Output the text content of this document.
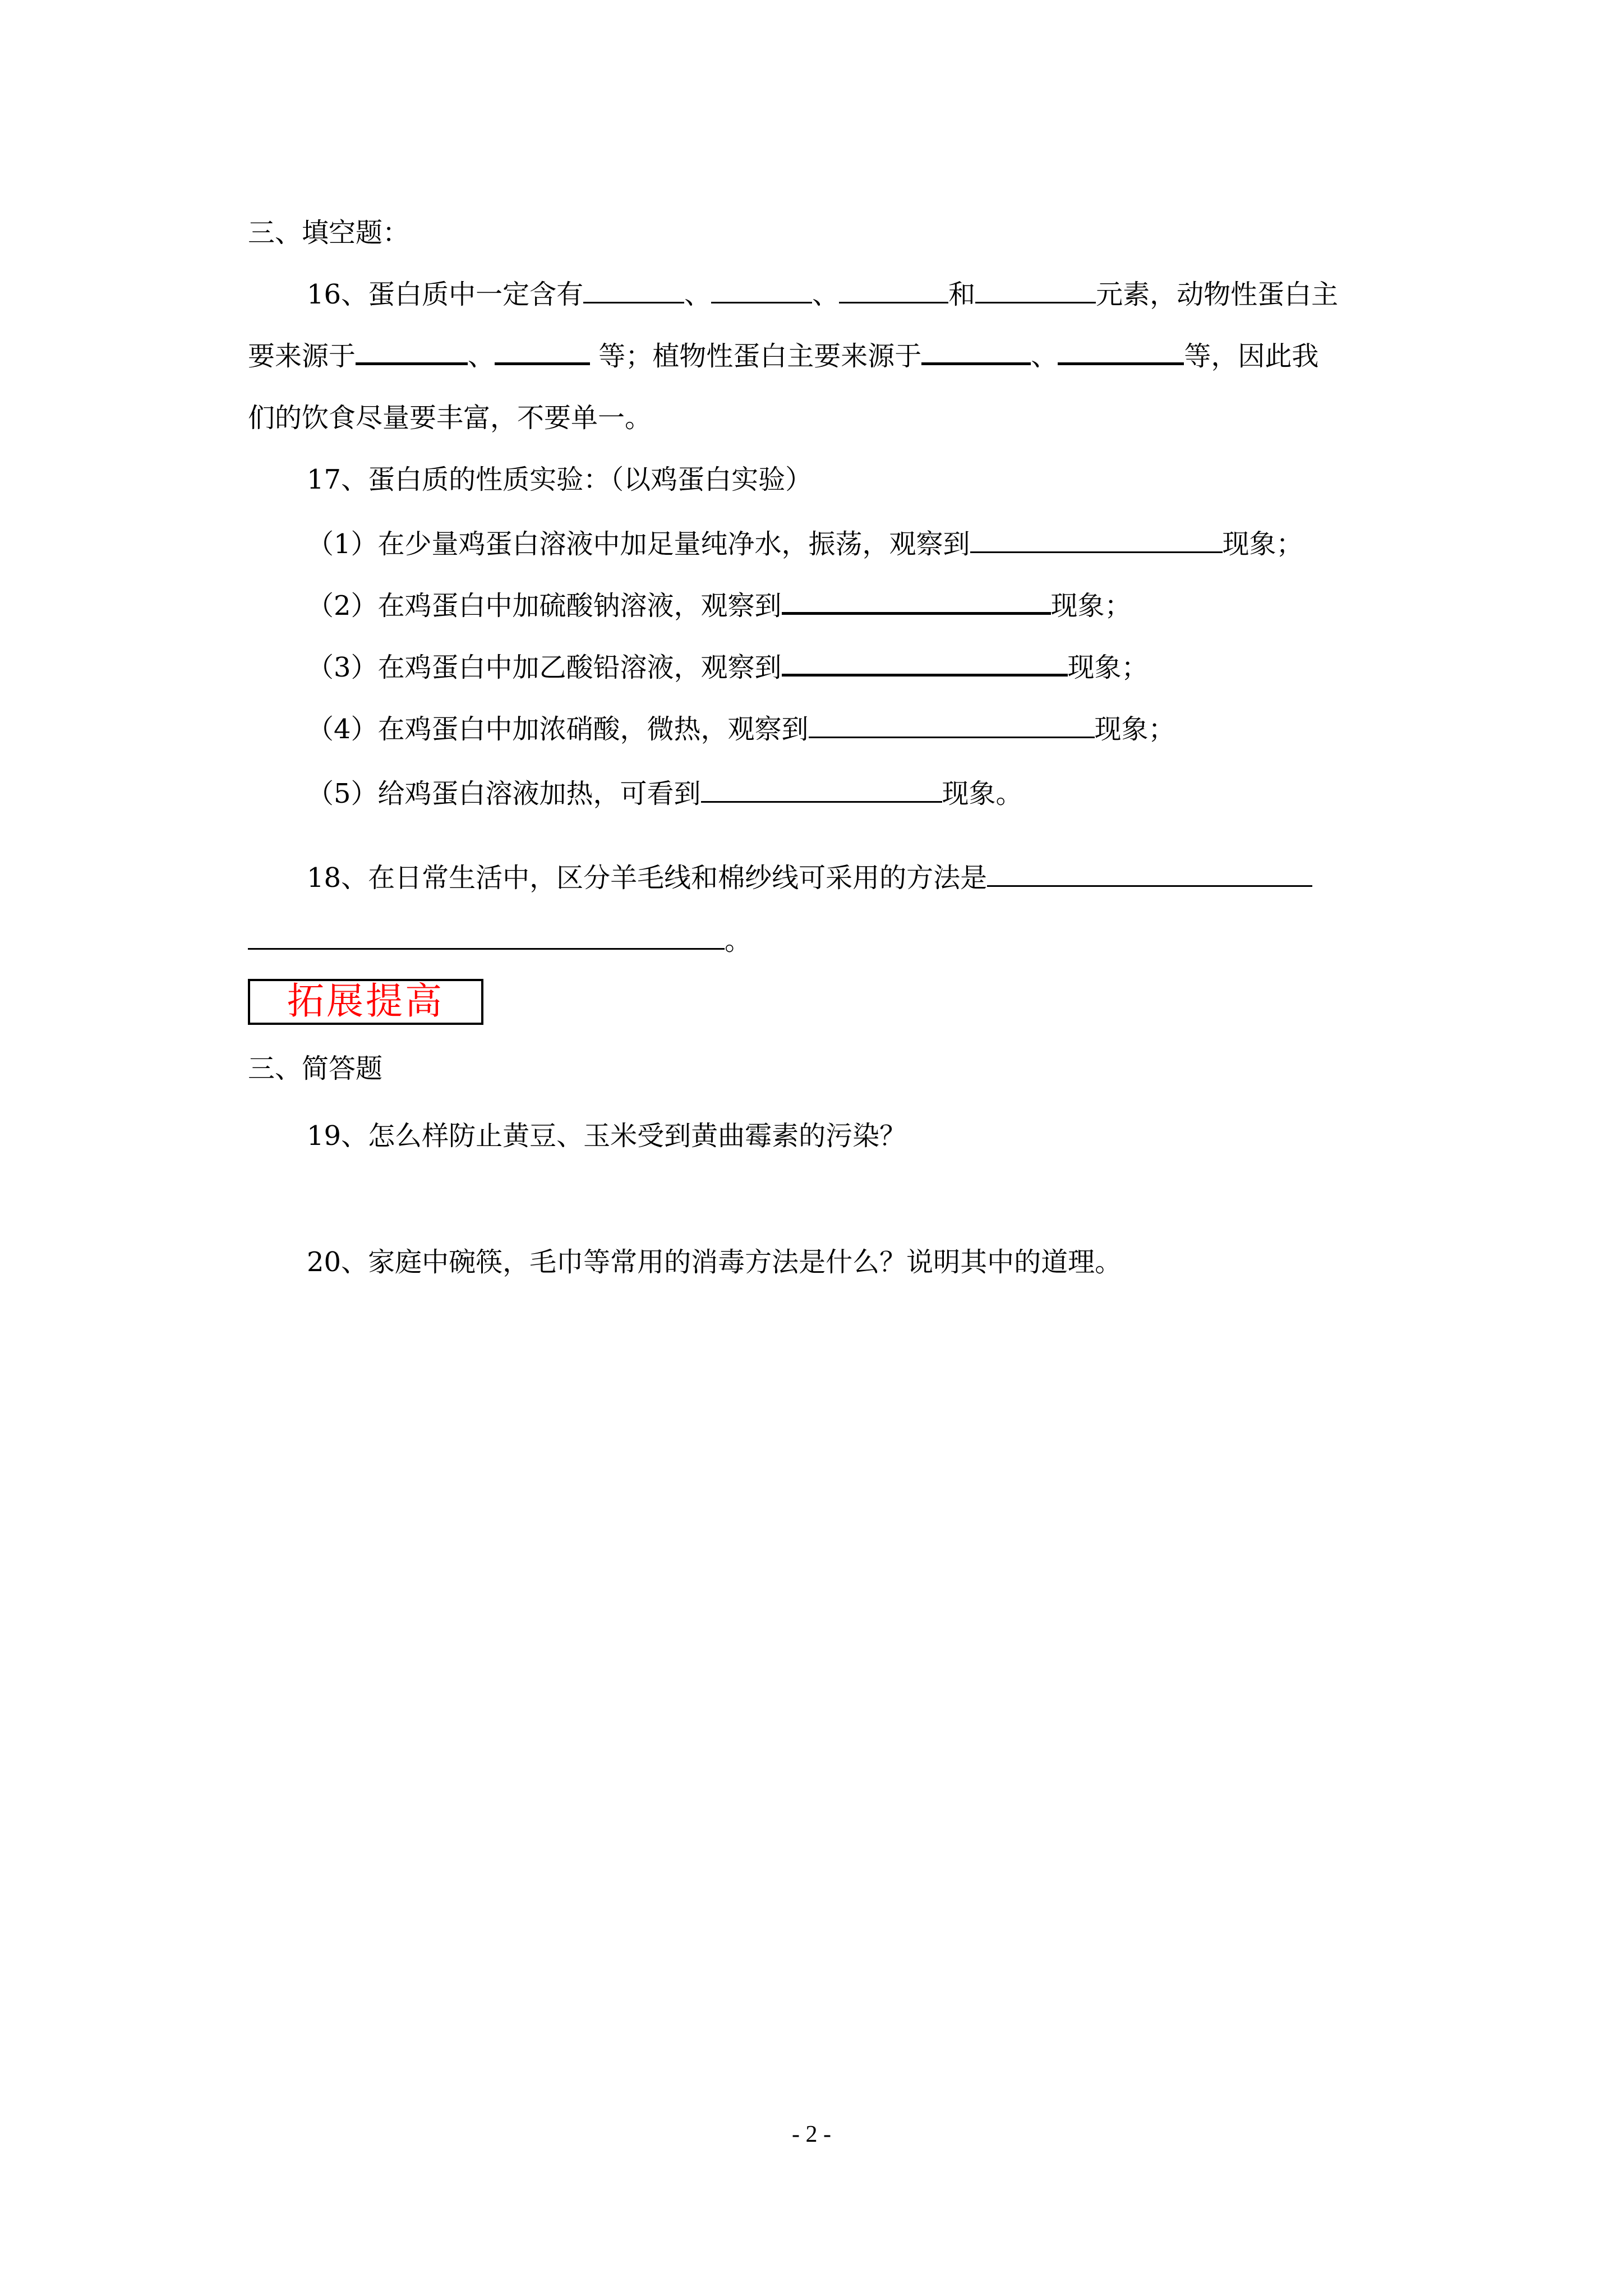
三、填空题：
16、蛋白质中一定含有	、	、	和	元素，动物性蛋白主
要来源于	、	等；植物性蛋白主要来源于	、	等，因此我
们的饮食尽量要丰富，不要单一。
17、蛋白质的性质实验：（以鸡蛋白实验）
（1）在少量鸡蛋白溶液中加足量纯净水，振荡，观察到	现象；
（2）在鸡蛋白中加硫酸钠溶液，观察到	现象；
（3）在鸡蛋白中加乙酸铅溶液，观察到	现象；
（4）在鸡蛋白中加浓硝酸，微热，观察到	现象；
（5）给鸡蛋白溶液加热，可看到	现象。
18、在日常生活中，区分羊毛线和棉纱线可采用的方法是
。
拓展提高
三、简答题
19、怎么样防止黄豆、玉米受到黄曲霉素的污染？
20、家庭中碗筷，毛巾等常用的消毒方法是什么？说明其中的道理。
- 2 -
